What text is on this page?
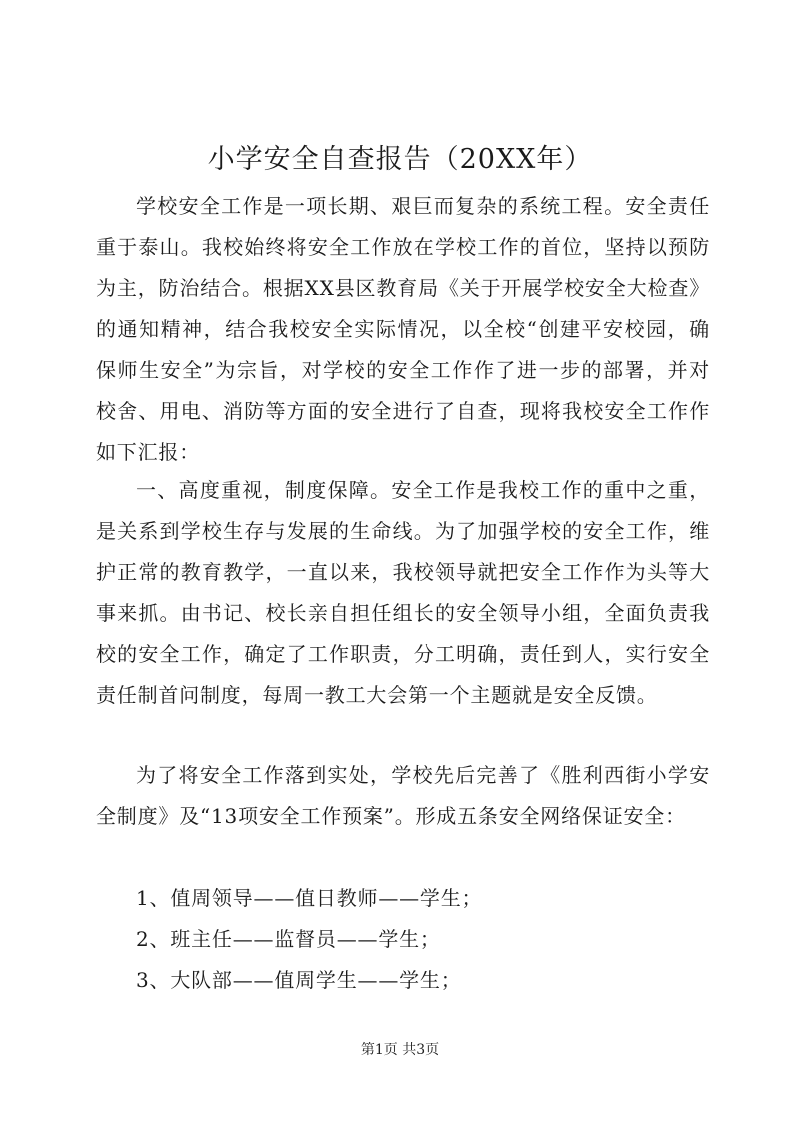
小学安全自查报告（20XX年）

学校安全工作是一项长期、艰巨而复杂的系统工程。安全责任重于泰山。我校始终将安全工作放在学校工作的首位，坚持以预防为主，防治结合。根据XX县区教育局《关于开展学校安全大检查》的通知精神，结合我校安全实际情况，以全校“创建平安校园，确保师生安全”为宗旨，对学校的安全工作作了进一步的部署，并对校舍、用电、消防等方面的安全进行了自查，现将我校安全工作作如下汇报：

一、高度重视，制度保障。安全工作是我校工作的重中之重，是关系到学校生存与发展的生命线。为了加强学校的安全工作，维护正常的教育教学，一直以来，我校领导就把安全工作作为头等大事来抓。由书记、校长亲自担任组长的安全领导小组，全面负责我校的安全工作，确定了工作职责，分工明确，责任到人，实行安全责任制首问制度，每周一教工大会第一个主题就是安全反馈。

为了将安全工作落到实处，学校先后完善了《胜利西街小学安全制度》及“13项安全工作预案”。形成五条安全网络保证安全：

1、值周领导——值日教师——学生；

2、班主任——监督员——学生；

3、大队部——值周学生——学生；

第1页 共3页
